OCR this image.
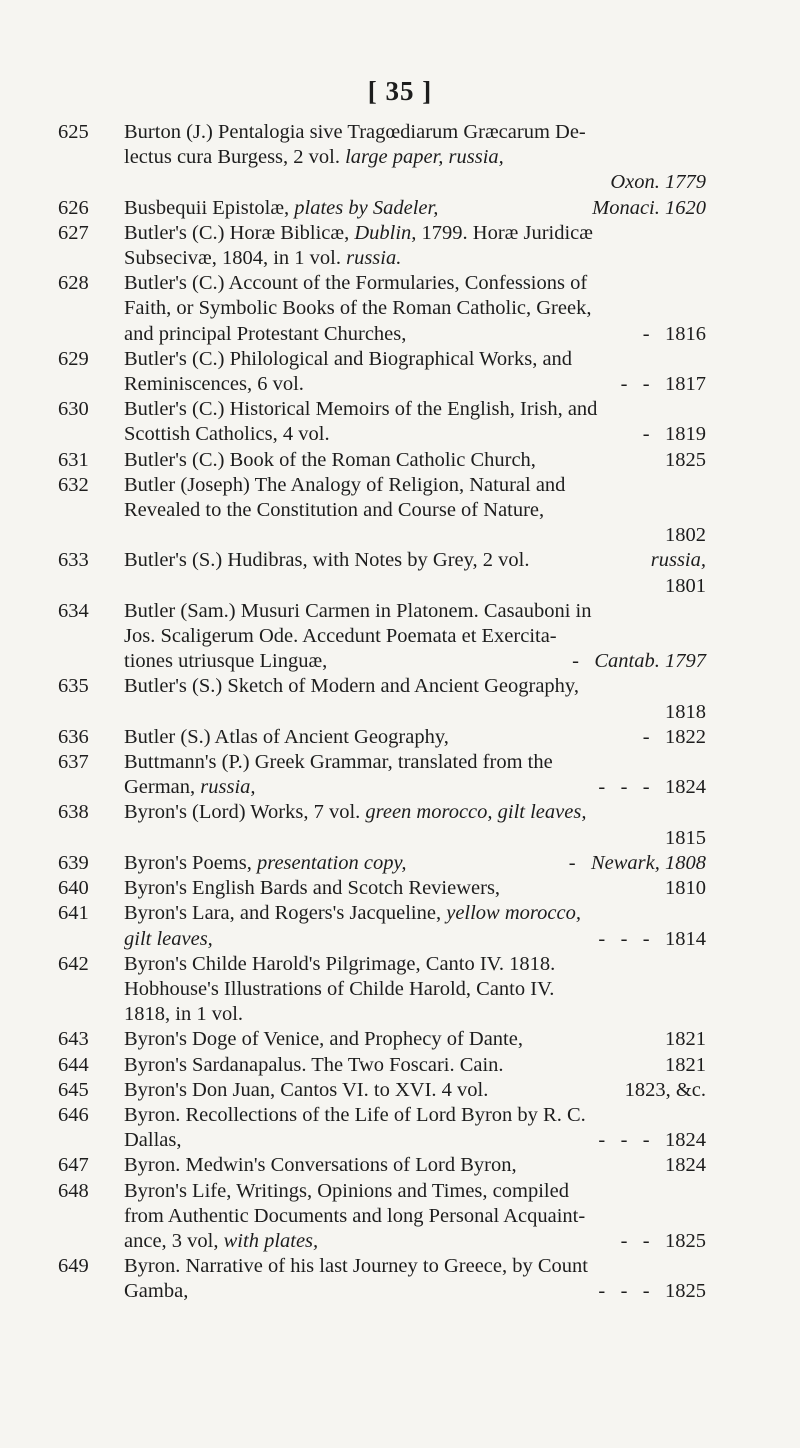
[ 35 ]
625	Burton (J.) Pentalogia sive Tragœdiarum Græcarum De-
lectus cura Burgess, 2 vol. large paper, russia,
Oxon. 1779
626	Busbequii Epistolæ, plates by Sadeler,	Monaci. 1620
627	Butler's (C.) Horæ Biblicæ, Dublin, 1799. Horæ Juridicæ
Subsecivæ, 1804, in 1 vol. russia.
628	Butler's (C.) Account of the Formularies, Confessions of
Faith, or Symbolic Books of the Roman Catholic, Greek,
and principal Protestant Churches,	-   1816
629	Butler's (C.) Philological and Biographical Works, and
Reminiscences, 6 vol.	-   -   1817
630	Butler's (C.) Historical Memoirs of the English, Irish, and
Scottish Catholics, 4 vol.	-   1819
631	Butler's (C.) Book of the Roman Catholic Church,	1825
632	Butler (Joseph) The Analogy of Religion, Natural and
Revealed to the Constitution and Course of Nature,
1802
633	Butler's (S.) Hudibras, with Notes by Grey, 2 vol.	russia,
1801
634	Butler (Sam.) Musuri Carmen in Platonem. Casauboni in
Jos. Scaligerum Ode. Accedunt Poemata et Exercita-
tiones utriusque Linguæ,	-   Cantab. 1797
635	Butler's (S.) Sketch of Modern and Ancient Geography,
1818
636	Butler (S.) Atlas of Ancient Geography,	-   1822
637	Buttmann's (P.) Greek Grammar, translated from the
German, russia,	-   -   -   1824
638	Byron's (Lord) Works, 7 vol. green morocco, gilt leaves,
1815
639	Byron's Poems, presentation copy,	-   Newark, 1808
640	Byron's English Bards and Scotch Reviewers,	1810
641	Byron's Lara, and Rogers's Jacqueline, yellow morocco,
gilt leaves,	-   -   -   1814
642	Byron's Childe Harold's Pilgrimage, Canto IV. 1818.
Hobhouse's Illustrations of Childe Harold, Canto IV.
1818, in 1 vol.
643	Byron's Doge of Venice, and Prophecy of Dante,	1821
644	Byron's Sardanapalus. The Two Foscari. Cain.	1821
645	Byron's Don Juan, Cantos VI. to XVI. 4 vol.	1823, &c.
646	Byron. Recollections of the Life of Lord Byron by R. C.
Dallas,	-   -   -   1824
647	Byron. Medwin's Conversations of Lord Byron,	1824
648	Byron's Life, Writings, Opinions and Times, compiled
from Authentic Documents and long Personal Acquaint-
ance, 3 vol, with plates,	-   -   1825
649	Byron. Narrative of his last Journey to Greece, by Count
Gamba,	-   -   -   1825
